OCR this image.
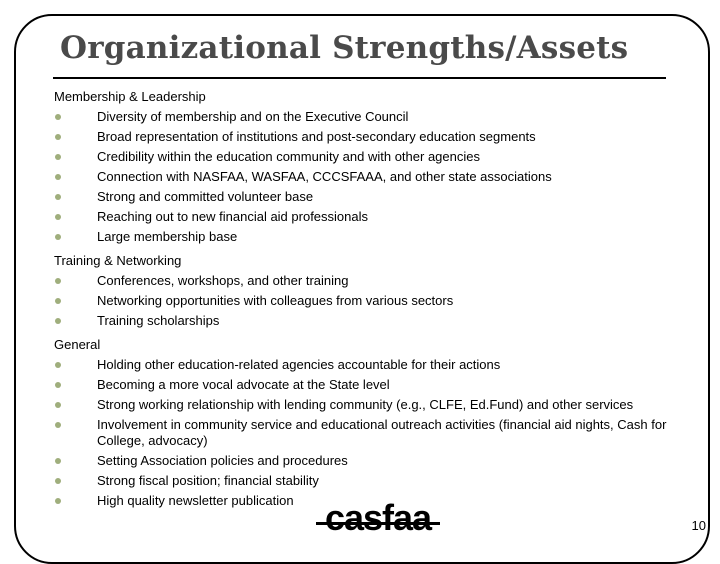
Organizational Strengths/Assets
Membership & Leadership
Diversity of membership and on the Executive Council
Broad representation of institutions and post-secondary education segments
Credibility within the education community and with other agencies
Connection with NASFAA, WASFAA, CCCSFAAA, and other state associations
Strong and committed volunteer base
Reaching out to new financial aid professionals
Large membership base
Training & Networking
Conferences, workshops, and other training
Networking opportunities with colleagues from various sectors
Training scholarships
General
Holding other education-related agencies accountable for their actions
Becoming a more vocal advocate at the State level
Strong working relationship with lending community (e.g., CLFE, Ed.Fund) and other services
Involvement in community service and educational outreach activities (financial aid nights, Cash for College, advocacy)
Setting Association policies and procedures
Strong fiscal position; financial stability
High quality newsletter publication casfaa	10
